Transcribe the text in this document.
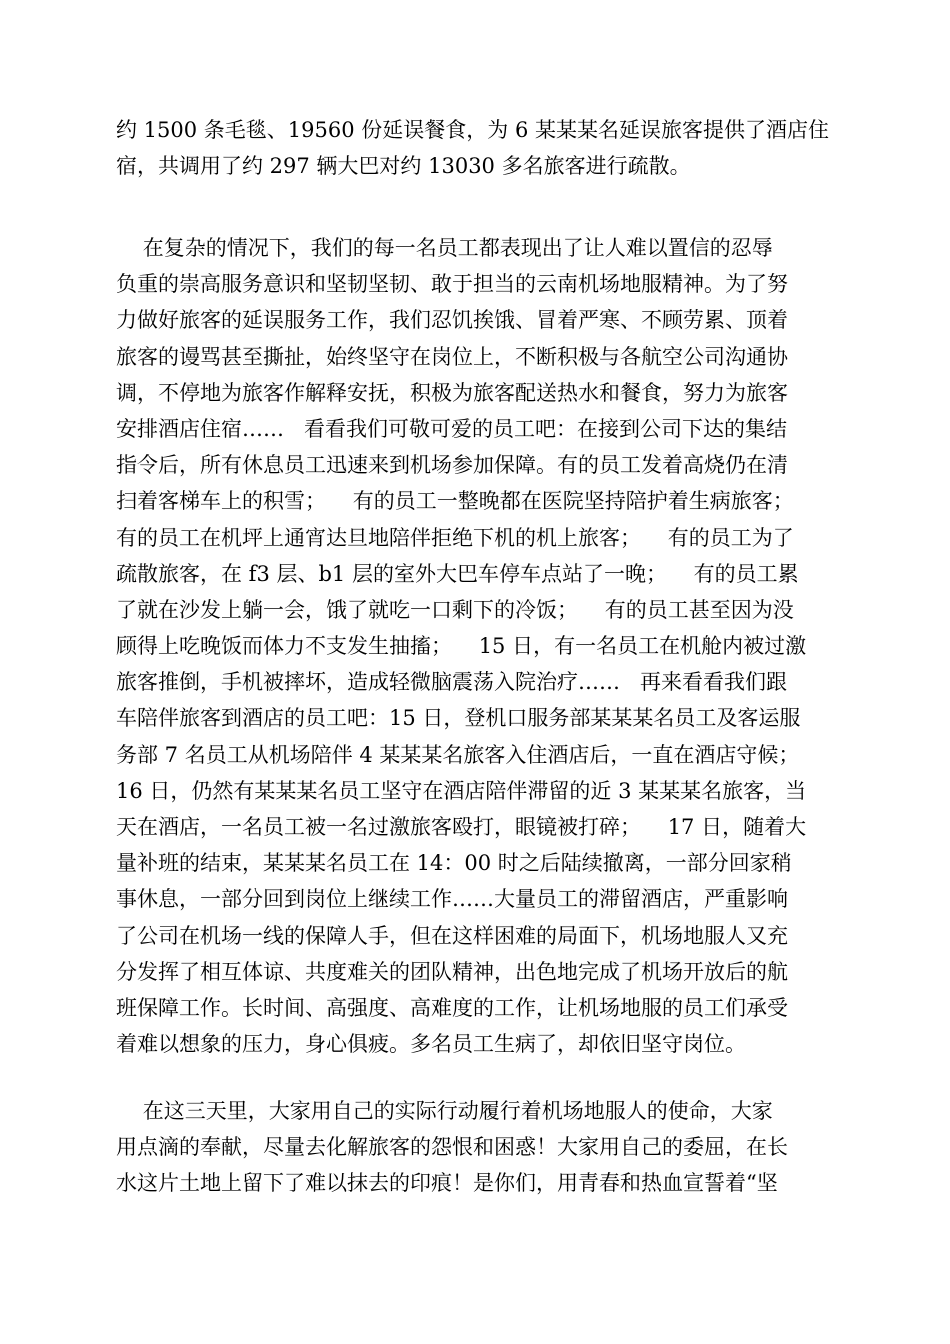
约 1500 条毛毯、19560 份延误餐食，为 6 某某某名延误旅客提供了酒店住
宿，共调用了约 297 辆大巴对约 13030 多名旅客进行疏散。
在复杂的情况下，我们的每一名员工都表现出了让人难以置信的忍辱
负重的崇高服务意识和坚韧坚韧、敢于担当的云南机场地服精神。为了努
力做好旅客的延误服务工作，我们忍饥挨饿、冒着严寒、不顾劳累、顶着
旅客的谩骂甚至撕扯，始终坚守在岗位上，不断积极与各航空公司沟通协
调，不停地为旅客作解释安抚，积极为旅客配送热水和餐食，努力为旅客
安排酒店住宿……   看看我们可敬可爱的员工吧：在接到公司下达的集结
指令后，所有休息员工迅速来到机场参加保障。有的员工发着高烧仍在清
扫着客梯车上的积雪；    有的员工一整晚都在医院坚持陪护着生病旅客；
有的员工在机坪上通宵达旦地陪伴拒绝下机的机上旅客；    有的员工为了
疏散旅客，在 f3 层、b1 层的室外大巴车停车点站了一晚；    有的员工累
了就在沙发上躺一会，饿了就吃一口剩下的冷饭；    有的员工甚至因为没
顾得上吃晚饭而体力不支发生抽搐；    15 日，有一名员工在机舱内被过激
旅客推倒，手机被摔坏，造成轻微脑震荡入院治疗……   再来看看我们跟
车陪伴旅客到酒店的员工吧：15 日，登机口服务部某某某名员工及客运服
务部 7 名员工从机场陪伴 4 某某某名旅客入住酒店后，一直在酒店守候；
16 日，仍然有某某某名员工坚守在酒店陪伴滞留的近 3 某某某名旅客，当
天在酒店，一名员工被一名过激旅客殴打，眼镜被打碎；    17 日，随着大
量补班的结束，某某某名员工在 14：00 时之后陆续撤离，一部分回家稍
事休息，一部分回到岗位上继续工作……大量员工的滞留酒店，严重影响
了公司在机场一线的保障人手，但在这样困难的局面下，机场地服人又充
分发挥了相互体谅、共度难关的团队精神，出色地完成了机场开放后的航
班保障工作。长时间、高强度、高难度的工作，让机场地服的员工们承受
着难以想象的压力，身心俱疲。多名员工生病了，却依旧坚守岗位。
在这三天里，大家用自己的实际行动履行着机场地服人的使命，大家
用点滴的奉献，尽量去化解旅客的怨恨和困惑！大家用自己的委屈，在长
水这片土地上留下了难以抹去的印痕！是你们，用青春和热血宣誓着“坚
